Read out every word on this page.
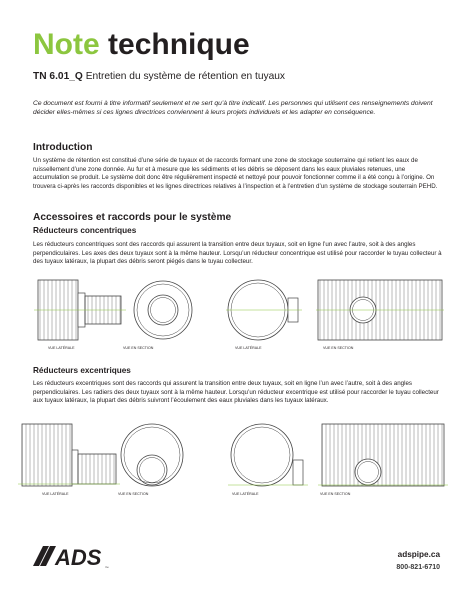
Note technique
TN 6.01_Q Entretien du système de rétention en tuyaux
Ce document est fourni à titre informatif seulement et ne sert qu’à titre indicatif. Les personnes qui utilisent ces renseignements doivent décider elles-mêmes si ces lignes directrices conviennent à leurs projets individuels et les adapter en conséquence.
Introduction
Un système de rétention est constitué d’une série de tuyaux et de raccords formant une zone de stockage souterraine qui retient les eaux de ruissellement d’une zone donnée. Au fur et à mesure que les sédiments et les débris se déposent dans les eaux pluviales retenues, une accumulation se produit. Le système doit donc être régulièrement inspecté et nettoyé pour pouvoir fonctionner comme il a été conçu à l’origine. On trouvera ci-après les raccords disponibles et les lignes directrices relatives à l’inspection et à l’entretien d’un système de stockage souterrain PEHD.
Accessoires et raccords pour le système
Réducteurs concentriques
Les réducteurs concentriques sont des raccords qui assurent la transition entre deux tuyaux, soit en ligne l’un avec l’autre, soit à des angles perpendiculaires. Les axes des deux tuyaux sont à la même hauteur. Lorsqu’un réducteur concentrique est utilisé pour raccorder le tuyau collecteur à des tuyaux latéraux, la plupart des débris seront piégés dans le tuyau collecteur.
VUE LATÉRALE	VUE EN SECTION	VUE LATÉRALE	VUE EN SECTION
Réducteurs excentriques
Les réducteurs excentriques sont des raccords qui assurent la transition entre deux tuyaux, soit en ligne l’un avec l’autre, soit à des angles perpendiculaires. Les radiers des deux tuyaux sont à la même hauteur. Lorsqu’un réducteur excentrique est utilisé pour raccorder le tuyau collecteur aux tuyaux latéraux, la plupart des débris suivront l’écoulement des eaux pluviales dans les tuyaux latéraux.
VUE LATÉRALE	VUE EN SECTION	VUE LATÉRALE	VUE EN SECTION
ADS ™
adspipe.ca
800-821-6710
